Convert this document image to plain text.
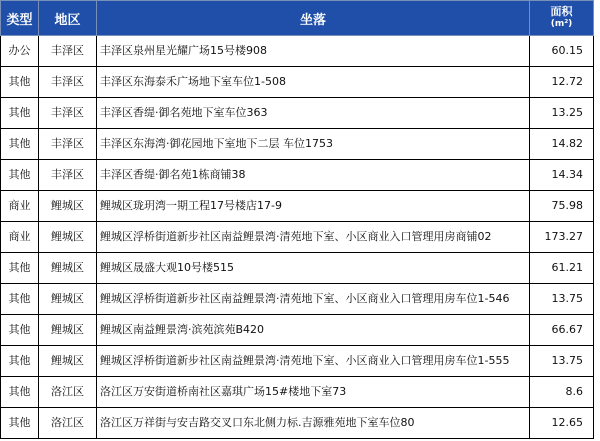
类型	地区	坐落	面积
(m²)

办公	丰泽区	丰泽区泉州星光耀广场15号楼908	60.15
其他	丰泽区	丰泽区东海泰禾广场地下室车位1-508	12.72
其他	丰泽区	丰泽区香缇·御名苑地下室车位363	13.25
其他	丰泽区	丰泽区东海湾·御花园地下室地下二层 车位1753	14.82
其他	丰泽区	丰泽区香缇·御名苑1栋商铺38	14.34
商业	鲤城区	鲤城区珑玥湾一期工程17号楼店17-9	75.98
商业	鲤城区	鲤城区浮桥街道新步社区南益鲤景湾·清苑地下室、小区商业入口管理用房商铺02	173.27
其他	鲤城区	鲤城区晟盛大观10号楼515	61.21
其他	鲤城区	鲤城区浮桥街道新步社区南益鲤景湾·清苑地下室、小区商业入口管理用房车位1-546	13.75
其他	鲤城区	鲤城区南益鲤景湾·滨苑滨苑B420	66.67
其他	鲤城区	鲤城区浮桥街道新步社区南益鲤景湾·清苑地下室、小区商业入口管理用房车位1-555	13.75
其他	洛江区	洛江区万安街道桥南社区嘉琪广场15#楼地下室73	8.6
其他	洛江区	洛江区万祥街与安吉路交叉口东北侧力标.吉源雅苑地下室车位80	12.65
